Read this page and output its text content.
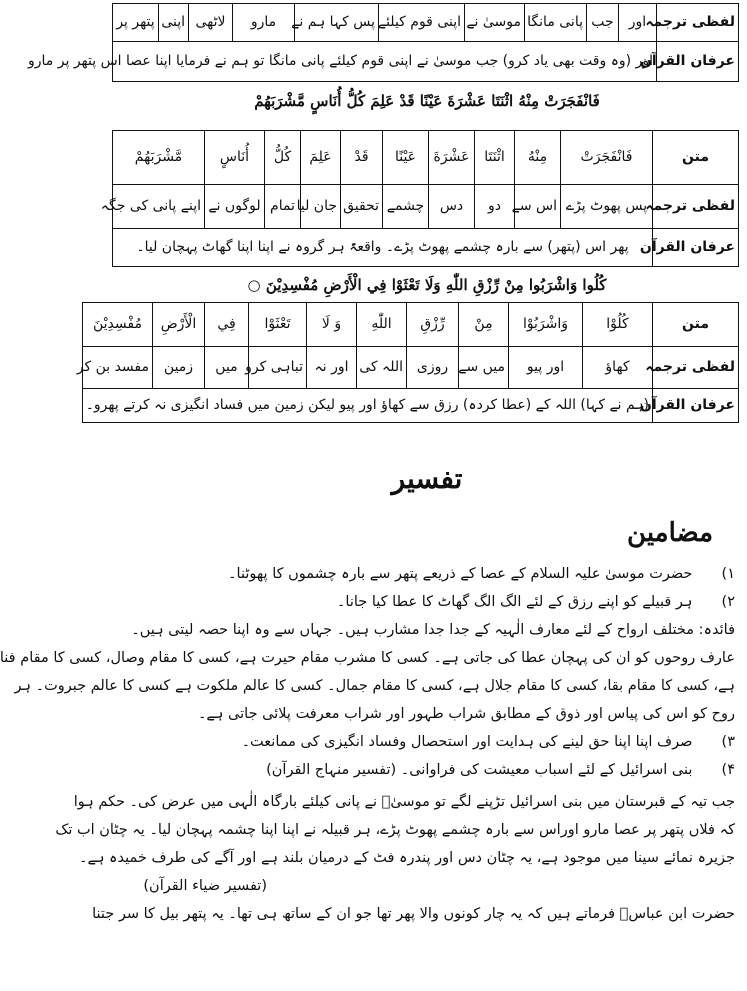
لفظی ترجمہ	اور	جب	پانی مانگا	موسیٰ نے	اپنی قوم کیلئے	پس کہا ہم نے	مارو	لاٹھی	اپنی	پتھر پر
عرفان القرآن	اور (وہ وقت بھی یاد کرو) جب موسیٰ نے اپنی قوم کیلئے پانی مانگا تو ہم نے فرمایا اپنا عصا اس پتھر پر مارو									
فَانْفَجَرَتْ مِنْهُ اثْنَتَا عَشْرَةَ عَيْنًا قَدْ عَلِمَ كُلُّ أُنَاسٍ مَّشْرَبَهُمْ
متن	فَانْفَجَرَتْ	مِنْهُ	اثْنَتَا	عَشْرَةَ	عَيْنًا	قَدْ	عَلِمَ	كُلُّ	أُنَاسٍ	مَّشْرَبَهُمْ
لفظی ترجمہ	پس پھوٹ پڑے	اس سے	دو	دس	چشمے	تحقیق	جان لیا	تمام	لوگوں نے	اپنے پانی کی جگہ
عرفان القرآن	پھر اس (پتھر) سے بارہ چشمے پھوٹ پڑے۔ واقعۃً ہر گروہ نے اپنا اپنا گھاٹ پہچان لیا۔									
كُلُوا وَاشْرَبُوا مِنْ رِّزْقِ اللّٰهِ وَلَا تَعْثَوْا فِي الْأَرْضِ مُفْسِدِيْنَ ○
متن	كُلُوْا	وَاشْرَبُوْا	مِنْ	رِّزْقِ	اللّٰهِ	وَ لَا	تَعْثَوْا	فِي	الْأَرْضِ	مُفْسِدِيْنَ
لفظی ترجمہ	کھاؤ	اور پیو	میں سے	روزی	اللہ کی	اور نہ	تباہی کرو	میں	زمین	مفسد بن کر
عرفان القرآن	(ہم نے کہا) اللہ کے (عطا کردہ) رزق سے کھاؤ اور پیو لیکن زمین میں فساد انگیزی نہ کرتے پھرو۔									
تفسیر
مضامین
۱) حضرت موسیٰ علیہ السلام کے عصا کے ذریعے پتھر سے بارہ چشموں کا پھوٹنا۔
۲) ہر قبیلے کو اپنے رزق کے لئے الگ الگ گھاٹ کا عطا کیا جانا۔
فائدہ: مختلف ارواح کے لئے معارف الٰہیہ کے جدا جدا مشارب ہیں۔ جہاں سے وہ اپنا حصہ لیتی ہیں۔
عارف روحوں کو ان کی پہچان عطا کی جاتی ہے۔ کسی کا مشرب مقام حیرت ہے، کسی کا مقام وصال، کسی کا مقام فنا
ہے، کسی کا مقام بقا، کسی کا مقام جلال ہے، کسی کا مقام جمال۔ کسی کا عالم ملکوت ہے کسی کا عالم جبروت۔ ہر
روح کو اس کی پیاس اور ذوق کے مطابق شراب طہور اور شراب معرفت پلائی جاتی ہے۔
۳) صرف اپنا اپنا حق لینے کی ہدایت اور استحصال وفساد انگیزی کی ممانعت۔
۴) بنی اسرائیل کے لئے اسباب معیشت کی فراوانی۔ (تفسیر منہاج القرآن)
جب تیہ کے قبرستان میں بنی اسرائیل تڑپنے لگے تو موسیٰؑ نے پانی کیلئے بارگاہ الٰہی میں عرض کی۔ حکم ہوا
کہ فلاں پتھر پر عصا مارو اوراس سے بارہ چشمے پھوٹ پڑے، ہر قبیلہ نے اپنا اپنا چشمہ پہچان لیا۔ یہ چٹان اب تک
جزیرہ نمائے سینا میں موجود ہے، یہ چٹان دس اور پندرہ فٹ کے درمیان بلند ہے اور آگے کی طرف خمیدہ ہے۔
(تفسیر ضیاء القرآن)
حضرت ابن عباسؓ فرماتے ہیں کہ یہ چار کونوں والا پھر تھا جو ان کے ساتھ ہی تھا۔ یہ پتھر بیل کا سر جتنا
